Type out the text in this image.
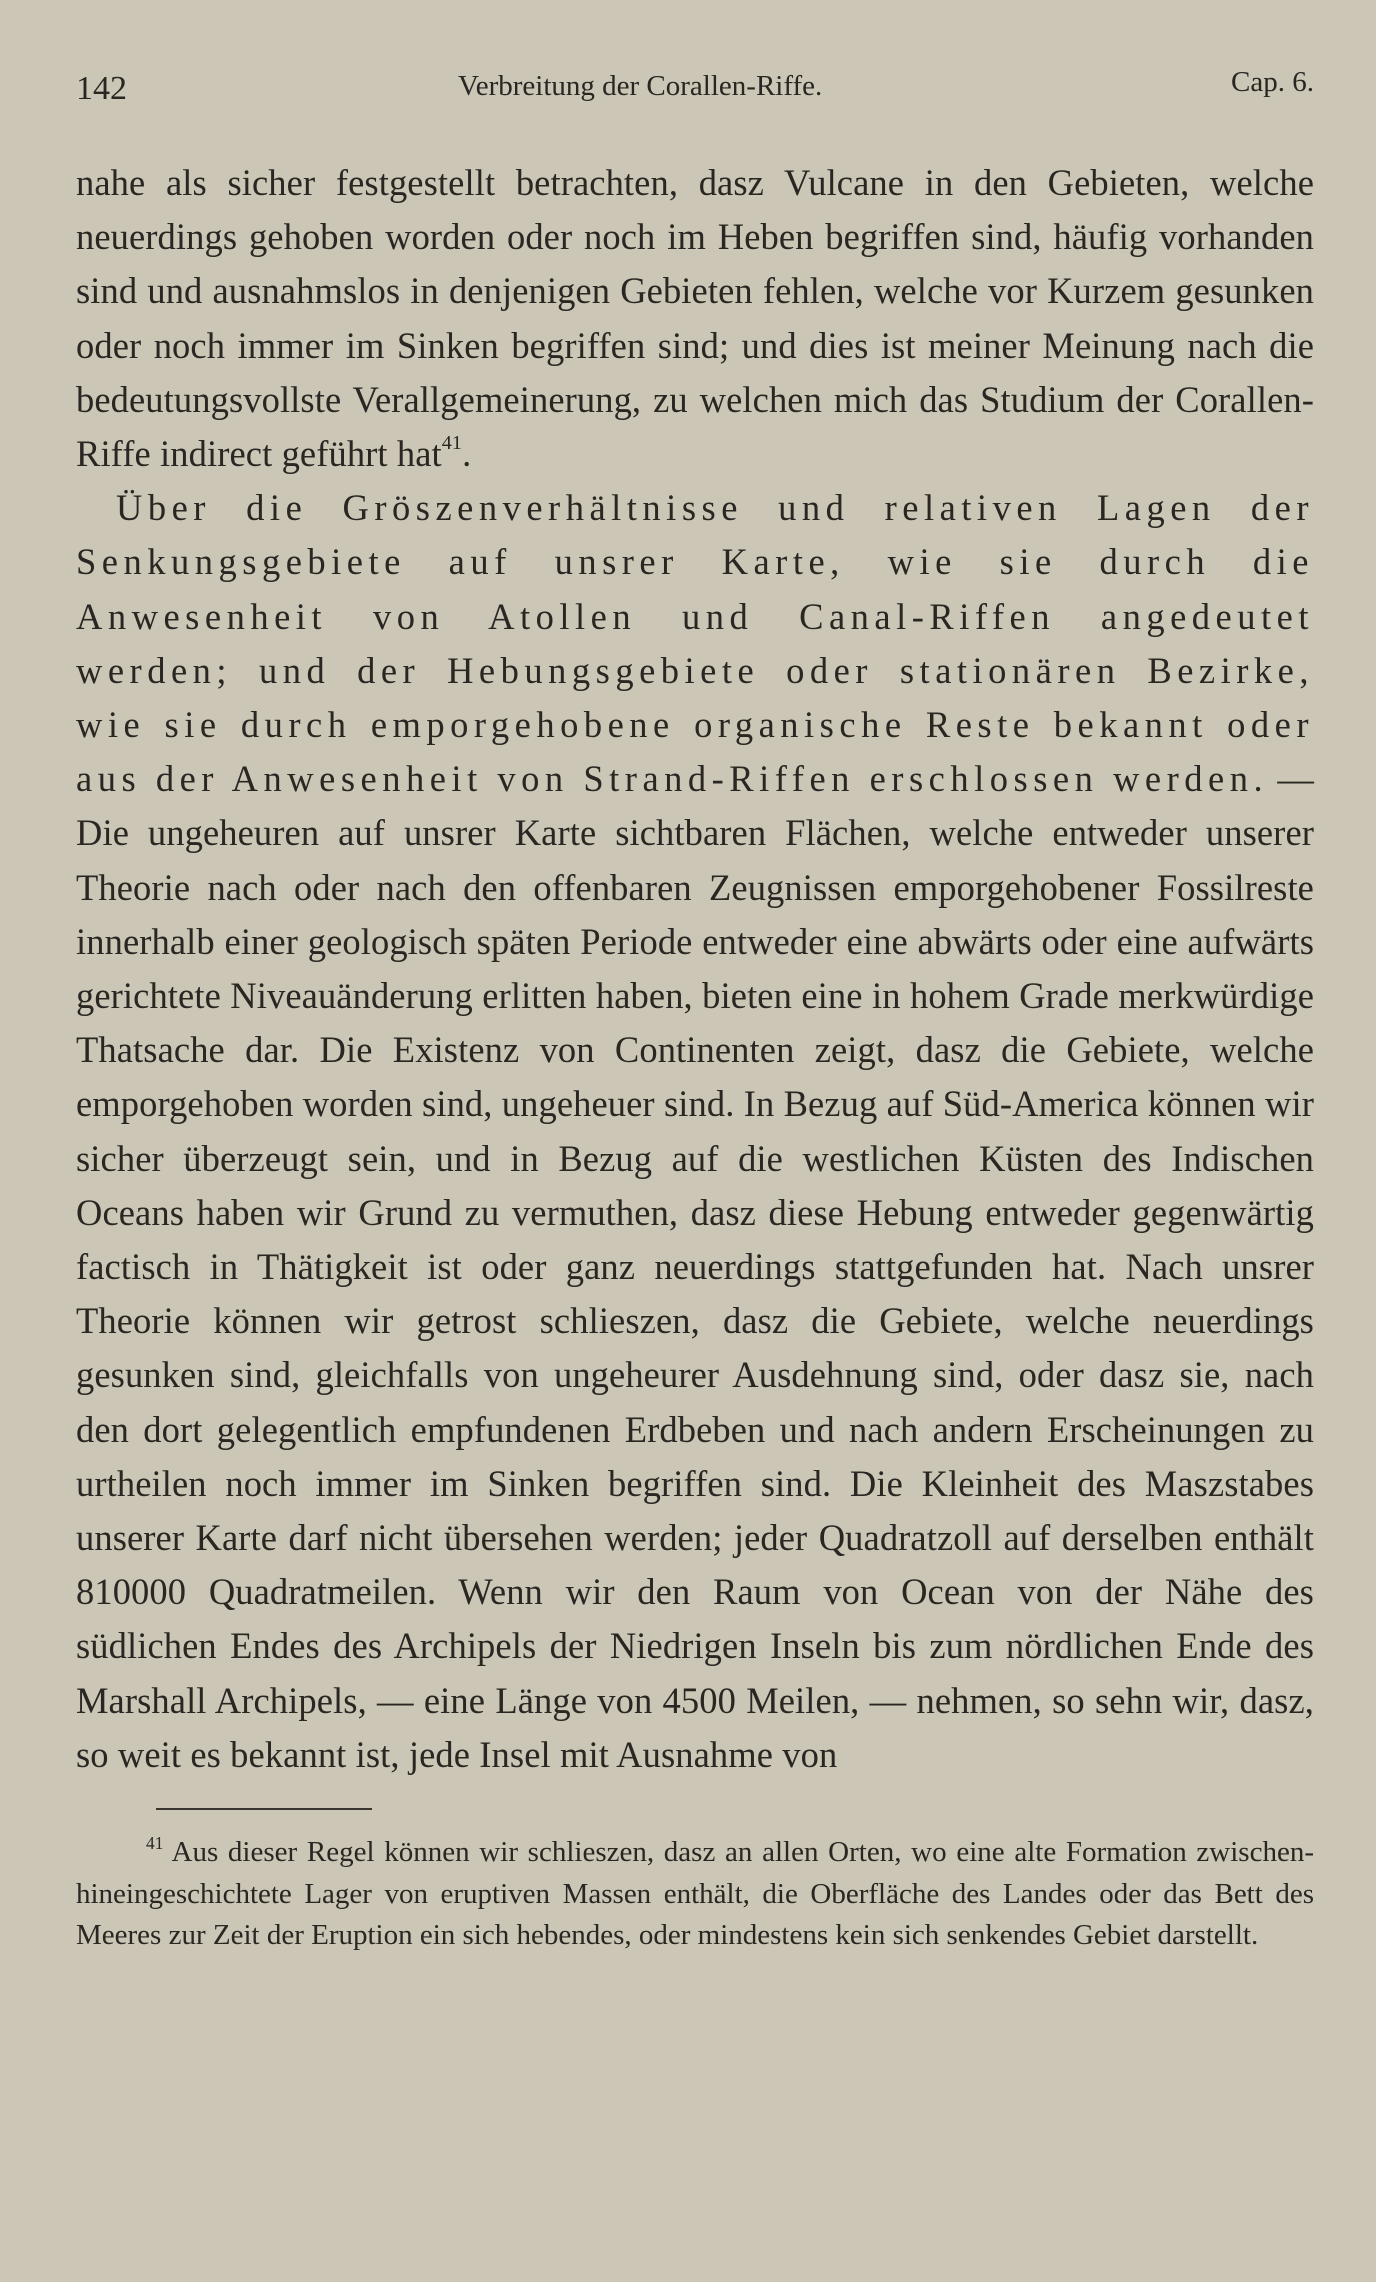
142	Verbreitung der Corallen-Riffe.	Cap. 6.

nahe als sicher festgestellt betrachten, dasz Vulcane in den Gebieten, welche neuerdings gehoben worden oder noch im Heben begriffen sind, häufig vorhanden sind und ausnahmslos in denjenigen Gebieten fehlen, welche vor Kurzem gesunken oder noch immer im Sinken begriffen sind; und dies ist meiner Meinung nach die bedeutungsvollste Verallgemeinerung, zu welchen mich das Studium der Corallen-Riffe indirect geführt hat$^{41}$.

Über die Gröszenverhältnisse und relativen Lagen der Senkungsgebiete auf unsrer Karte, wie sie durch die Anwesenheit von Atollen und Canal-Riffen angedeutet werden; und der Hebungsgebiete oder stationären Bezirke, wie sie durch emporgehobene organische Reste bekannt oder aus der Anwesenheit von Strand-Riffen erschlossen werden. — Die ungeheuren auf unsrer Karte sichtbaren Flächen, welche entweder unserer Theorie nach oder nach den offenbaren Zeugnissen emporgehobener Fossilreste innerhalb einer geologisch späten Periode entweder eine abwärts oder eine aufwärts gerichtete Niveauänderung erlitten haben, bieten eine in hohem Grade merkwürdige Thatsache dar. Die Existenz von Continenten zeigt, dasz die Gebiete, welche emporgehoben worden sind, ungeheuer sind. In Bezug auf Süd-America können wir sicher überzeugt sein, und in Bezug auf die westlichen Küsten des Indischen Oceans haben wir Grund zu vermuthen, dasz diese Hebung entweder gegenwärtig factisch in Thätigkeit ist oder ganz neuerdings stattgefunden hat. Nach unsrer Theorie können wir getrost schlieszen, dasz die Gebiete, welche neuerdings gesunken sind, gleichfalls von ungeheurer Ausdehnung sind, oder dasz sie, nach den dort gelegentlich empfundenen Erdbeben und nach andern Erscheinungen zu urtheilen noch immer im Sinken begriffen sind. Die Kleinheit des Maszstabes unserer Karte darf nicht übersehen werden; jeder Quadratzoll auf derselben enthält 810000 Quadratmeilen. Wenn wir den Raum von Ocean von der Nähe des südlichen Endes des Archipels der Niedrigen Inseln bis zum nördlichen Ende des Marshall Archipels, — eine Länge von 4500 Meilen, — nehmen, so sehn wir, dasz, so weit es bekannt ist, jede Insel mit Ausnahme von

$^{41}$ Aus dieser Regel können wir schlieszen, dasz an allen Orten, wo eine alte Formation zwischen-hineingeschichtete Lager von eruptiven Massen enthält, die Oberfläche des Landes oder das Bett des Meeres zur Zeit der Eruption ein sich hebendes, oder mindestens kein sich senkendes Gebiet darstellt.
